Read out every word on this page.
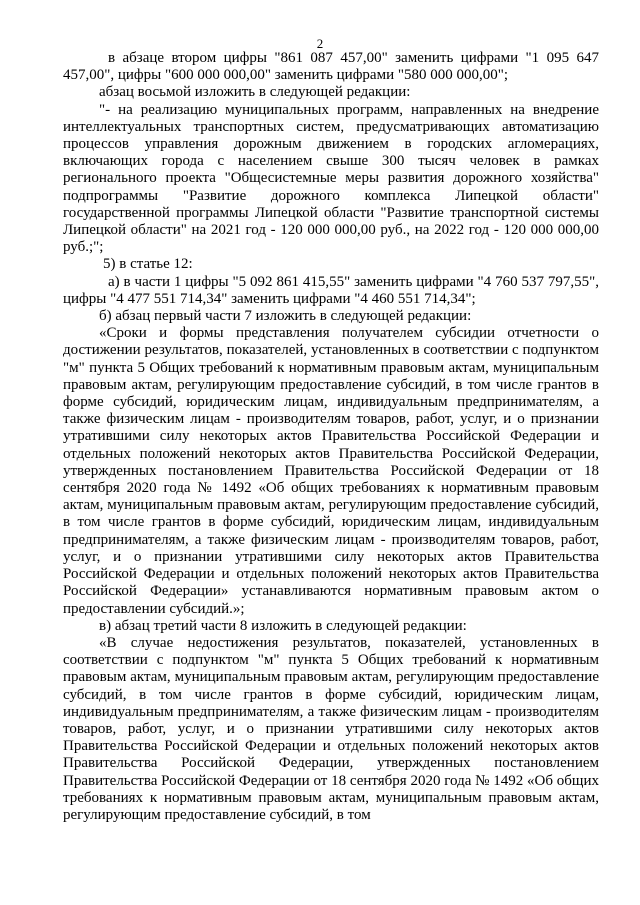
2

в абзаце втором цифры "861 087 457,00" заменить цифрами "1 095 647 457,00", цифры "600 000 000,00" заменить цифрами "580 000 000,00";

абзац восьмой изложить в следующей редакции:

"- на реализацию муниципальных программ, направленных на внедрение интеллектуальных транспортных систем, предусматривающих автоматизацию процессов управления дорожным движением в городских агломерациях, включающих города с населением свыше 300 тысяч человек в рамках регионального проекта "Общесистемные меры развития дорожного хозяйства" подпрограммы "Развитие дорожного комплекса Липецкой области" государственной программы Липецкой области "Развитие транспортной системы Липецкой области" на 2021 год - 120 000 000,00 руб., на 2022 год - 120 000 000,00 руб.;";

5) в статье 12:

а) в части 1 цифры "5 092 861 415,55" заменить цифрами "4 760 537 797,55", цифры "4 477 551 714,34" заменить цифрами "4 460 551 714,34";

б) абзац первый части 7 изложить в следующей редакции:

«Сроки и формы представления получателем субсидии отчетности о достижении результатов, показателей, установленных в соответствии с подпунктом "м" пункта 5 Общих требований к нормативным правовым актам, муниципальным правовым актам, регулирующим предоставление субсидий, в том числе грантов в форме субсидий, юридическим лицам, индивидуальным предпринимателям, а также физическим лицам - производителям товаров, работ, услуг, и о признании утратившими силу некоторых актов Правительства Российской Федерации и отдельных положений некоторых актов Правительства Российской Федерации, утвержденных постановлением Правительства Российской Федерации от 18 сентября 2020 года № 1492 «Об общих требованиях к нормативным правовым актам, муниципальным правовым актам, регулирующим предоставление субсидий, в том числе грантов в форме субсидий, юридическим лицам, индивидуальным предпринимателям, а также физическим лицам - производителям товаров, работ, услуг, и о признании утратившими силу некоторых актов Правительства Российской Федерации и отдельных положений некоторых актов Правительства Российской Федерации» устанавливаются нормативным правовым актом о предоставлении субсидий.»;

в) абзац третий части 8 изложить в следующей редакции:

«В случае недостижения результатов, показателей, установленных в соответствии с подпунктом "м" пункта 5 Общих требований к нормативным правовым актам, муниципальным правовым актам, регулирующим предоставление субсидий, в том числе грантов в форме субсидий, юридическим лицам, индивидуальным предпринимателям, а также физическим лицам - производителям товаров, работ, услуг, и о признании утратившими силу некоторых актов Правительства Российской Федерации и отдельных положений некоторых актов Правительства Российской Федерации, утвержденных постановлением Правительства Российской Федерации от 18 сентября 2020 года № 1492 «Об общих требованиях к нормативным правовым актам, муниципальным правовым актам, регулирующим предоставление субсидий, в том
